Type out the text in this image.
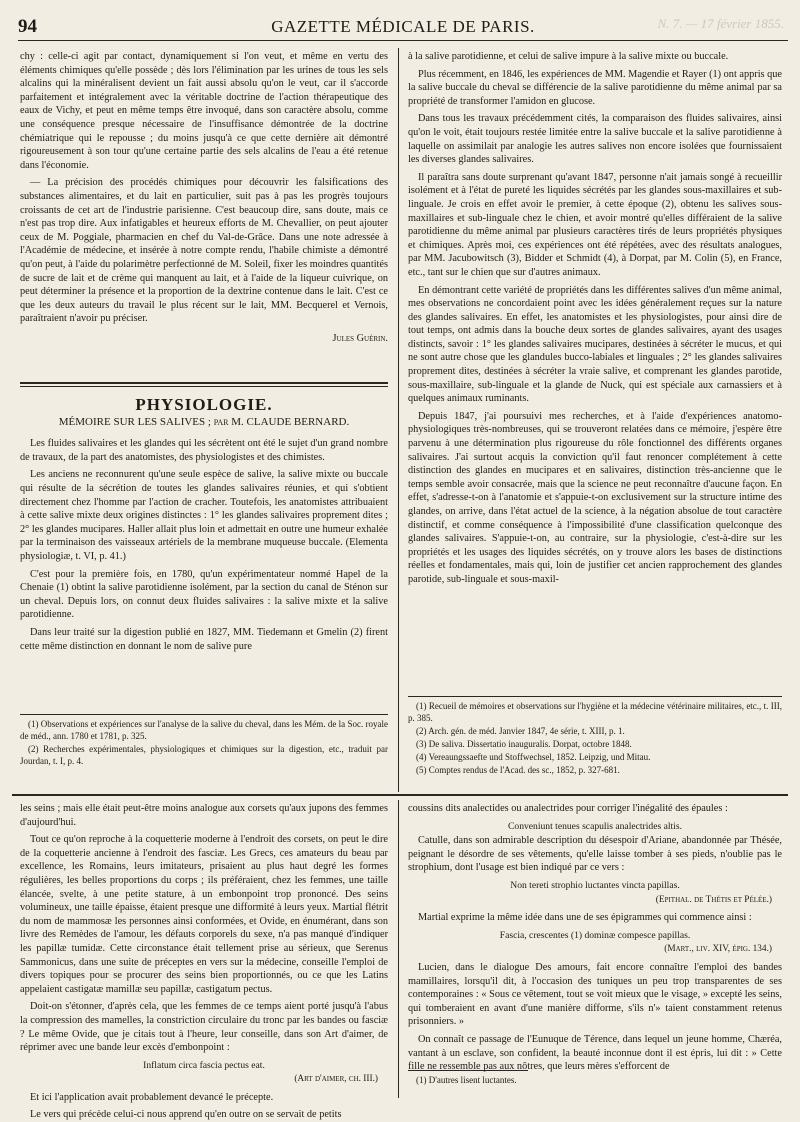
94	GAZETTE MÉDICALE DE PARIS.	N. 7. — 17 février 1855.

chy : celle-ci agit par contact, dynamiquement si l'on veut, et même en vertu des éléments chimiques qu'elle possède ; dès lors l'élimination par les urines de tous les sels alcalins qui la minéralisent devient un fait aussi absolu qu'on le veut, car il s'accorde parfaitement et intégralement avec la véritable doctrine de l'action thérapeutique des eaux de Vichy, et peut en même temps être invoqué, dans son caractère absolu, comme une conséquence presque nécessaire de l'insuffisance démontrée de la doctrine chémiatrique qui le repousse ; du moins jusqu'à ce que cette dernière ait démontré rigoureusement à son tour qu'une certaine partie des sels alcalins de l'eau a été retenue dans l'économie.

— La précision des procédés chimiques pour découvrir les falsifications des substances alimentaires, et du lait en particulier, suit pas à pas les progrès toujours croissants de cet art de l'industrie parisienne. C'est beaucoup dire, sans doute, mais ce n'est pas trop dire. Aux infatigables et heureux efforts de M. Chevallier, on peut ajouter ceux de M. Poggiale, pharmacien en chef du Val-de-Grâce. Dans une note adressée à l'Académie de médecine, et insérée à notre compte rendu, l'habile chimiste a démontré qu'on peut, à l'aide du polarimètre perfectionné de M. Soleil, fixer les moindres quantités de sucre de lait et de crème qui manquent au lait, et à l'aide de la liqueur cuivrique, on peut déterminer la présence et la proportion de la dextrine contenue dans le lait. C'est ce que les deux auteurs du travail le plus récent sur le lait, MM. Becquerel et Vernois, paraîtraient n'avoir pu préciser.

Jules Guérin.
PHYSIOLOGIE.
MÉMOIRE SUR LES SALIVES ; par M. CLAUDE BERNARD.

Les fluides salivaires et les glandes qui les sécrètent ont été le sujet d'un grand nombre de travaux, de la part des anatomistes, des physiologistes et des chimistes.

Les anciens ne reconnurent qu'une seule espèce de salive, la salive mixte ou buccale qui résulte de la sécrétion de toutes les glandes salivaires réunies, et qui s'obtient directement chez l'homme par l'action de cracher. Toutefois, les anatomistes attribuaient à cette salive mixte deux origines distinctes : 1° les glandes salivaires proprement dites ; 2° les glandes mucipares. Haller allait plus loin et admettait en outre une humeur exhalée par la terminaison des vaisseaux artériels de la membrane muqueuse buccale. (Elementa physiologiæ, t. VI, p. 41.)

C'est pour la première fois, en 1780, qu'un expérimentateur nommé Hapel de la Chenaie (1) obtint la salive parotidienne isolément, par la section du canal de Sténon sur un cheval. Depuis lors, on connut deux fluides salivaires : la salive mixte et la salive parotidienne.

Dans leur traité sur la digestion publié en 1827, MM. Tiedemann et Gmelin (2) firent cette même distinction en donnant le nom de salive pure

(1) Observations et expériences sur l'analyse de la salive du cheval, dans les Mém. de la Soc. royale de méd., ann. 1780 et 1781, p. 325.

(2) Recherches expérimentales, physiologiques et chimiques sur la digestion, etc., traduit par Jourdan, t. I, p. 4.

à la salive parotidienne, et celui de salive impure à la salive mixte ou buccale.

Plus récemment, en 1846, les expériences de MM. Magendie et Rayer (1) ont appris que la salive buccale du cheval se différencie de la salive parotidienne du même animal par sa propriété de transformer l'amidon en glucose.

Dans tous les travaux précédemment cités, la comparaison des fluides salivaires, ainsi qu'on le voit, était toujours restée limitée entre la salive buccale et la salive parotidienne à laquelle on assimilait par analogie les autres salives non encore isolées que fournissaient les diverses glandes salivaires.

Il paraîtra sans doute surprenant qu'avant 1847, personne n'ait jamais songé à recueillir isolément et à l'état de pureté les liquides sécrétés par les glandes sous-maxillaires et sub-linguale. Je crois en effet avoir le premier, à cette époque (2), obtenu les salives sous-maxillaires et sub-linguale chez le chien, et avoir montré qu'elles différaient de la salive parotidienne du même animal par plusieurs caractères tirés de leurs propriétés physiques et chimiques. Après moi, ces expériences ont été répétées, avec des résultats analogues, par MM. Jacubowitsch (3), Bidder et Schmidt (4), à Dorpat, par M. Colin (5), en France, etc., tant sur le chien que sur d'autres animaux.

En démontrant cette variété de propriétés dans les différentes salives d'un même animal, mes observations ne concordaient point avec les idées généralement reçues sur la nature des glandes salivaires. En effet, les anatomistes et les physiologistes, pour ainsi dire de tout temps, ont admis dans la bouche deux sortes de glandes salivaires, ayant des usages distincts, savoir : 1° les glandes salivaires mucipares, destinées à sécréter le mucus, et qui ne sont autre chose que les glandules bucco-labiales et linguales ; 2° les glandes salivaires proprement dites, destinées à sécréter la vraie salive, et comprenant les glandes parotide, sous-maxillaire, sub-linguale et la glande de Nuck, qui est spéciale aux carnassiers et à quelques animaux ruminants.

Depuis 1847, j'ai poursuivi mes recherches, et à l'aide d'expériences anatomo-physiologiques très-nombreuses, qui se trouveront relatées dans ce mémoire, j'espère être parvenu à une détermination plus rigoureuse du rôle fonctionnel des différents organes salivaires. J'ai surtout acquis la conviction qu'il faut renoncer complétement à cette distinction des glandes en mucipares et en salivaires, distinction très-ancienne que le temps semble avoir consacrée, mais que la science ne peut reconnaître d'aucune façon. En effet, s'adresse-t-on à l'anatomie et s'appuie-t-on exclusivement sur la structure intime des glandes, on arrive, dans l'état actuel de la science, à la négation absolue de tout caractère distinctif, et comme conséquence à l'impossibilité d'une classification quelconque des glandes salivaires. S'appuie-t-on, au contraire, sur la physiologie, c'est-à-dire sur les propriétés et les usages des liquides sécrétés, on y trouve alors les bases de distinctions réelles et fondamentales, mais qui, loin de justifier cet ancien rapprochement des glandes parotide, sub-linguale et sous-maxil-

(1) Recueil de mémoires et observations sur l'hygiène et la médecine vétérinaire militaires, etc., t. III, p. 385.

(2) Arch. gén. de méd. Janvier 1847, 4e série, t. XIII, p. 1.

(3) De saliva. Dissertatio inauguralis. Dorpat, octobre 1848.

(4) Vereaungssaefte und Stoffwechsel, 1852. Leipzig, und Mitau.

(5) Comptes rendus de l'Acad. des sc., 1852, p. 327-681.

les seins ; mais elle était peut-être moins analogue aux corsets qu'aux jupons des femmes d'aujourd'hui.

Tout ce qu'on reproche à la coquetterie moderne à l'endroit des corsets, on peut le dire de la coquetterie ancienne à l'endroit des fasciæ. Les Grecs, ces amateurs du beau par excellence, les Romains, leurs imitateurs, prisaient au plus haut degré les formes régulières, les belles proportions du corps ; ils préféraient, chez les femmes, une taille élancée, svelte, à une petite stature, à un embonpoint trop prononcé. Des seins volumineux, une taille épaisse, étaient presque une difformité à leurs yeux. Martial flétrit du nom de mammosæ les personnes ainsi conformées, et Ovide, en énumérant, dans son livre des Remèdes de l'amour, les défauts corporels du sexe, n'a pas manqué d'indiquer les papillæ tumidæ. Cette circonstance était tellement prise au sérieux, que Serenus Sammonicus, dans une suite de préceptes en vers sur la médecine, conseille l'emploi de divers topiques pour se procurer des seins bien proportionnés, ou ce que les Latins appelaient castigatæ mamillæ seu papillæ, castigatum pectus.

Doit-on s'étonner, d'après cela, que les femmes de ce temps aient porté jusqu'à l'abus la compression des mamelles, la constriction circulaire du tronc par les bandes ou fasciæ ? Le même Ovide, que je citais tout à l'heure, leur conseille, dans son Art d'aimer, de réprimer avec une bande leur excès d'embonpoint :

Inflatum circa fascia pectus eat.
(Art d'aimer, ch. III.)

Et ici l'application avait probablement devancé le précepte.

Le vers qui précède celui-ci nous apprend qu'en outre on se servait de petits

coussins dits analectides ou analectrides pour corriger l'inégalité des épaules :

Conveniunt tenues scapulis analectrides altis.

Catulle, dans son admirable description du désespoir d'Ariane, abandonnée par Thésée, peignant le désordre de ses vêtements, qu'elle laisse tomber à ses pieds, n'oublie pas le strophium, dont l'usage est bien indiqué par ce vers :

Non tereti strophio luctantes vincta papillas.
(Epithal. de Thétis et Pélée.)

Martial exprime la même idée dans une de ses épigrammes qui commence ainsi :

Fascia, crescentes (1) dominæ compesce papillas.
(Mart., liv. XIV, épig. 134.)

Lucien, dans le dialogue Des amours, fait encore connaître l'emploi des bandes mamillaires, lorsqu'il dit, à l'occasion des tuniques un peu trop transparentes de ses contemporaines : « Sous ce vêtement, tout se voit mieux que le visage, » excepté les seins, qui tomberaient en avant d'une manière difforme, s'ils n'» taient constamment retenus prisonniers. »

On connaît ce passage de l'Eunuque de Térence, dans lequel un jeune homme, Chæréa, vantant à un esclave, son confident, la beauté inconnue dont il est épris, lui dit : » Cette fille ne ressemble pas aux nôtres, que leurs mères s'efforcent de

(1) D'autres lisent luctantes.
